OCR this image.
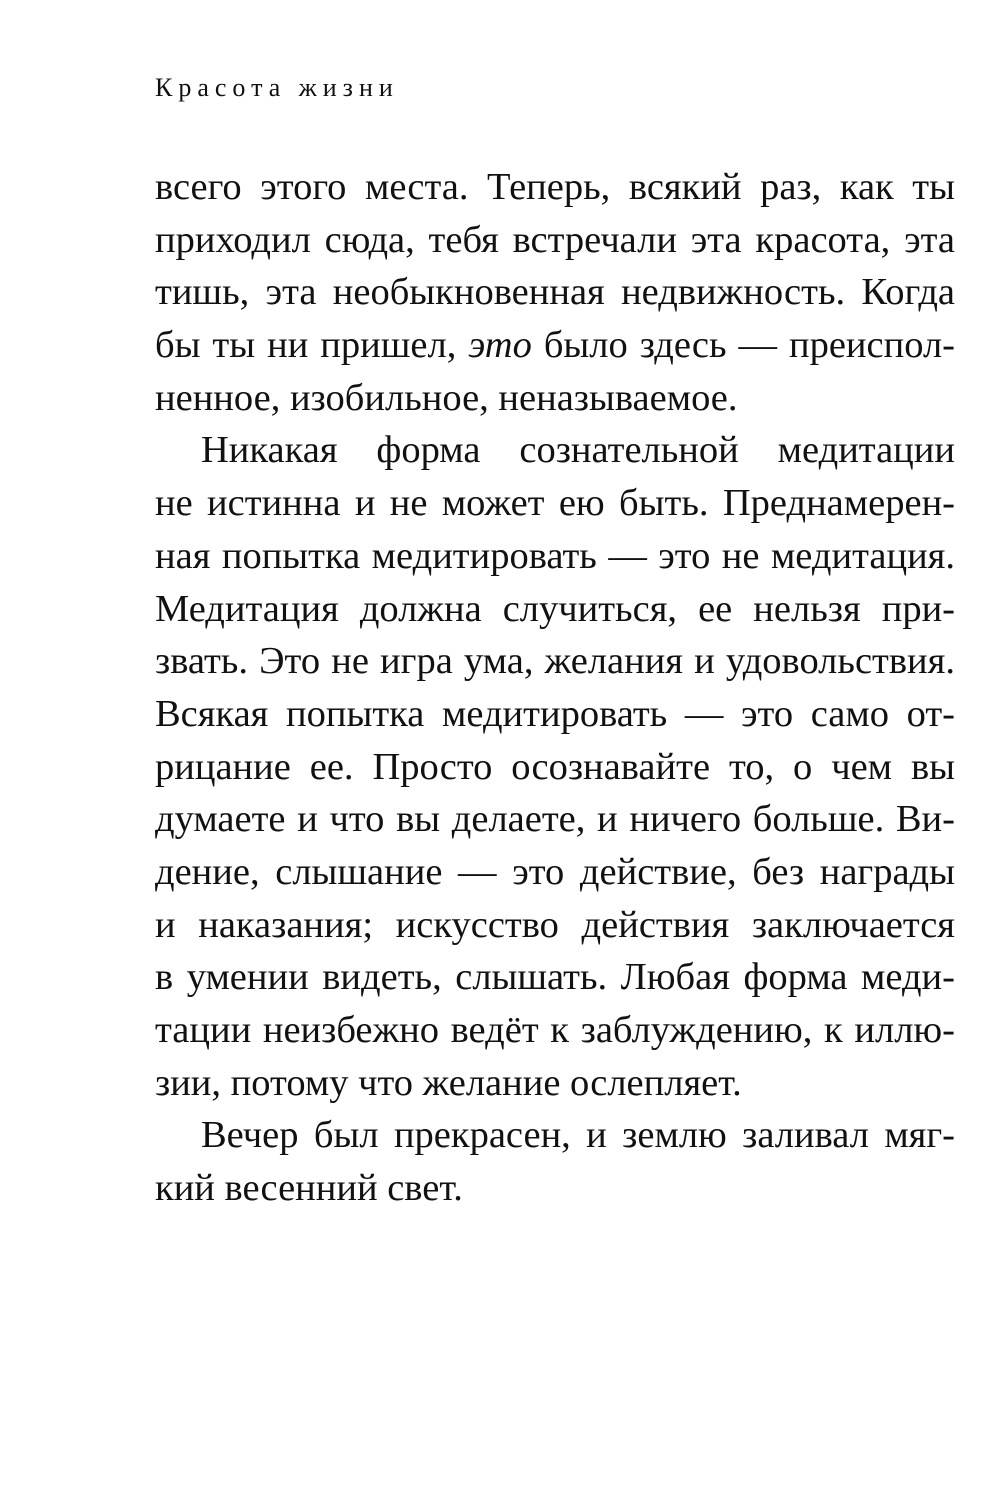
Красота жизни
всего этого места. Теперь, всякий раз, как ты
приходил сюда, тебя встречали эта красота, эта
тишь, эта необыкновенная недвижность. Когда
бы ты ни пришел, это было здесь — преиспол-
ненное, изобильное, неназываемое.
Никакая форма сознательной медитации
не истинна и не может ею быть. Преднамерен-
ная попытка медитировать — это не медитация.
Медитация должна случиться, ее нельзя при-
звать. Это не игра ума, желания и удовольствия.
Всякая попытка медитировать — это само от-
рицание ее. Просто осознавайте то, о чем вы
думаете и что вы делаете, и ничего больше. Ви-
дение, слышание — это действие, без награды
и наказания; искусство действия заключается
в умении видеть, слышать. Любая форма меди-
тации неизбежно ведёт к заблуждению, к иллю-
зии, потому что желание ослепляет.
Вечер был прекрасен, и землю заливал мяг-
кий весенний свет.
